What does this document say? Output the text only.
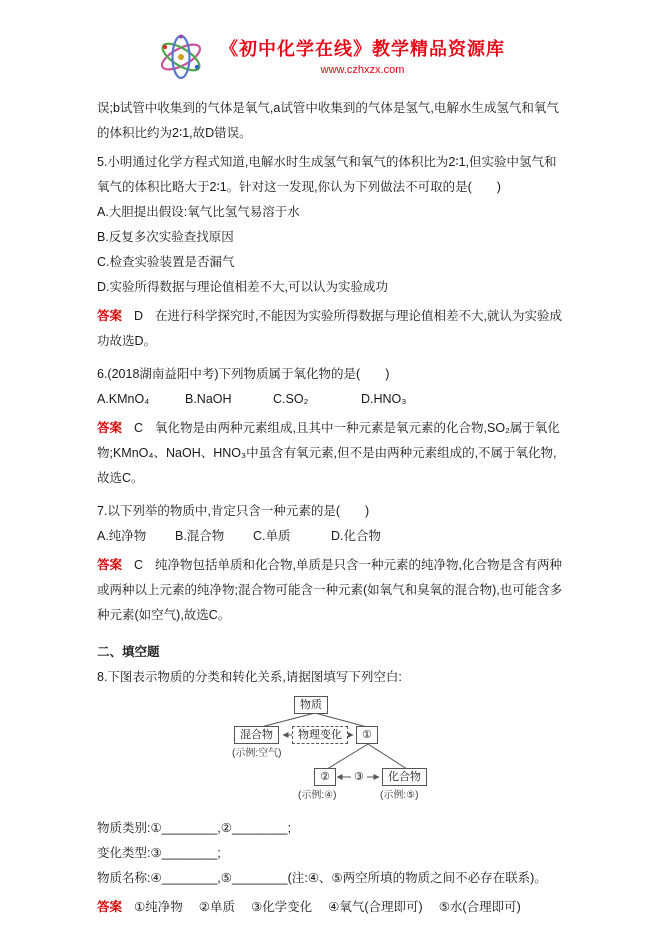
《初中化学在线》教学精品资源库
www.czhxzx.com

误;b试管中收集到的气体是氧气,a试管中收集到的气体是氢气,电解水生成氢气和氧气的体积比约为2∶1,故D错误。

5.小明通过化学方程式知道,电解水时生成氢气和氧气的体积比为2∶1,但实验中氢气和氧气的体积比略大于2∶1。针对这一发现,你认为下列做法不可取的是(　　)

A.大胆提出假设:氧气比氢气易溶于水

B.反复多次实验查找原因

C.检查实验装置是否漏气

D.实验所得数据与理论值相差不大,可以认为实验成功

答案 D 在进行科学探究时,不能因为实验所得数据与理论值相差不大,就认为实验成功故选D。

6.(2018湖南益阳中考)下列物质属于氧化物的是(　　)

A.KMnO₄	B.NaOH	C.SO₂	D.HNO₃

答案 C 氧化物是由两种元素组成,且其中一种元素是氧元素的化合物,SO₂属于氧化物;KMnO₄、NaOH、HNO₃中虽含有氧元素,但不是由两种元素组成的,不属于氧化物,故选C。

7.以下列举的物质中,肯定只含一种元素的是(　　)

A.纯净物 B.混合物 C.单质	D.化合物

答案 C 纯净物包括单质和化合物,单质是只含一种元素的纯净物,化合物是含有两种或两种以上元素的纯净物;混合物可能含一种元素(如氧气和臭氧的混合物),也可能含多种元素(如空气),故选C。

二、填空题

8.下图表示物质的分类和转化关系,请据图填写下列空白:

物质
混合物	物理变化	①
(示例:空气)
②	③	化合物
(示例:④)	(示例:⑤)

物质类别:①________,②________;

变化类型:③________;

物质名称:④________,⑤________(注:④、⑤两空所填的物质之间不必存在联系)。

答案 ①纯净物 ②单质 ③化学变化 ④氧气(合理即可) ⑤水(合理即可)
